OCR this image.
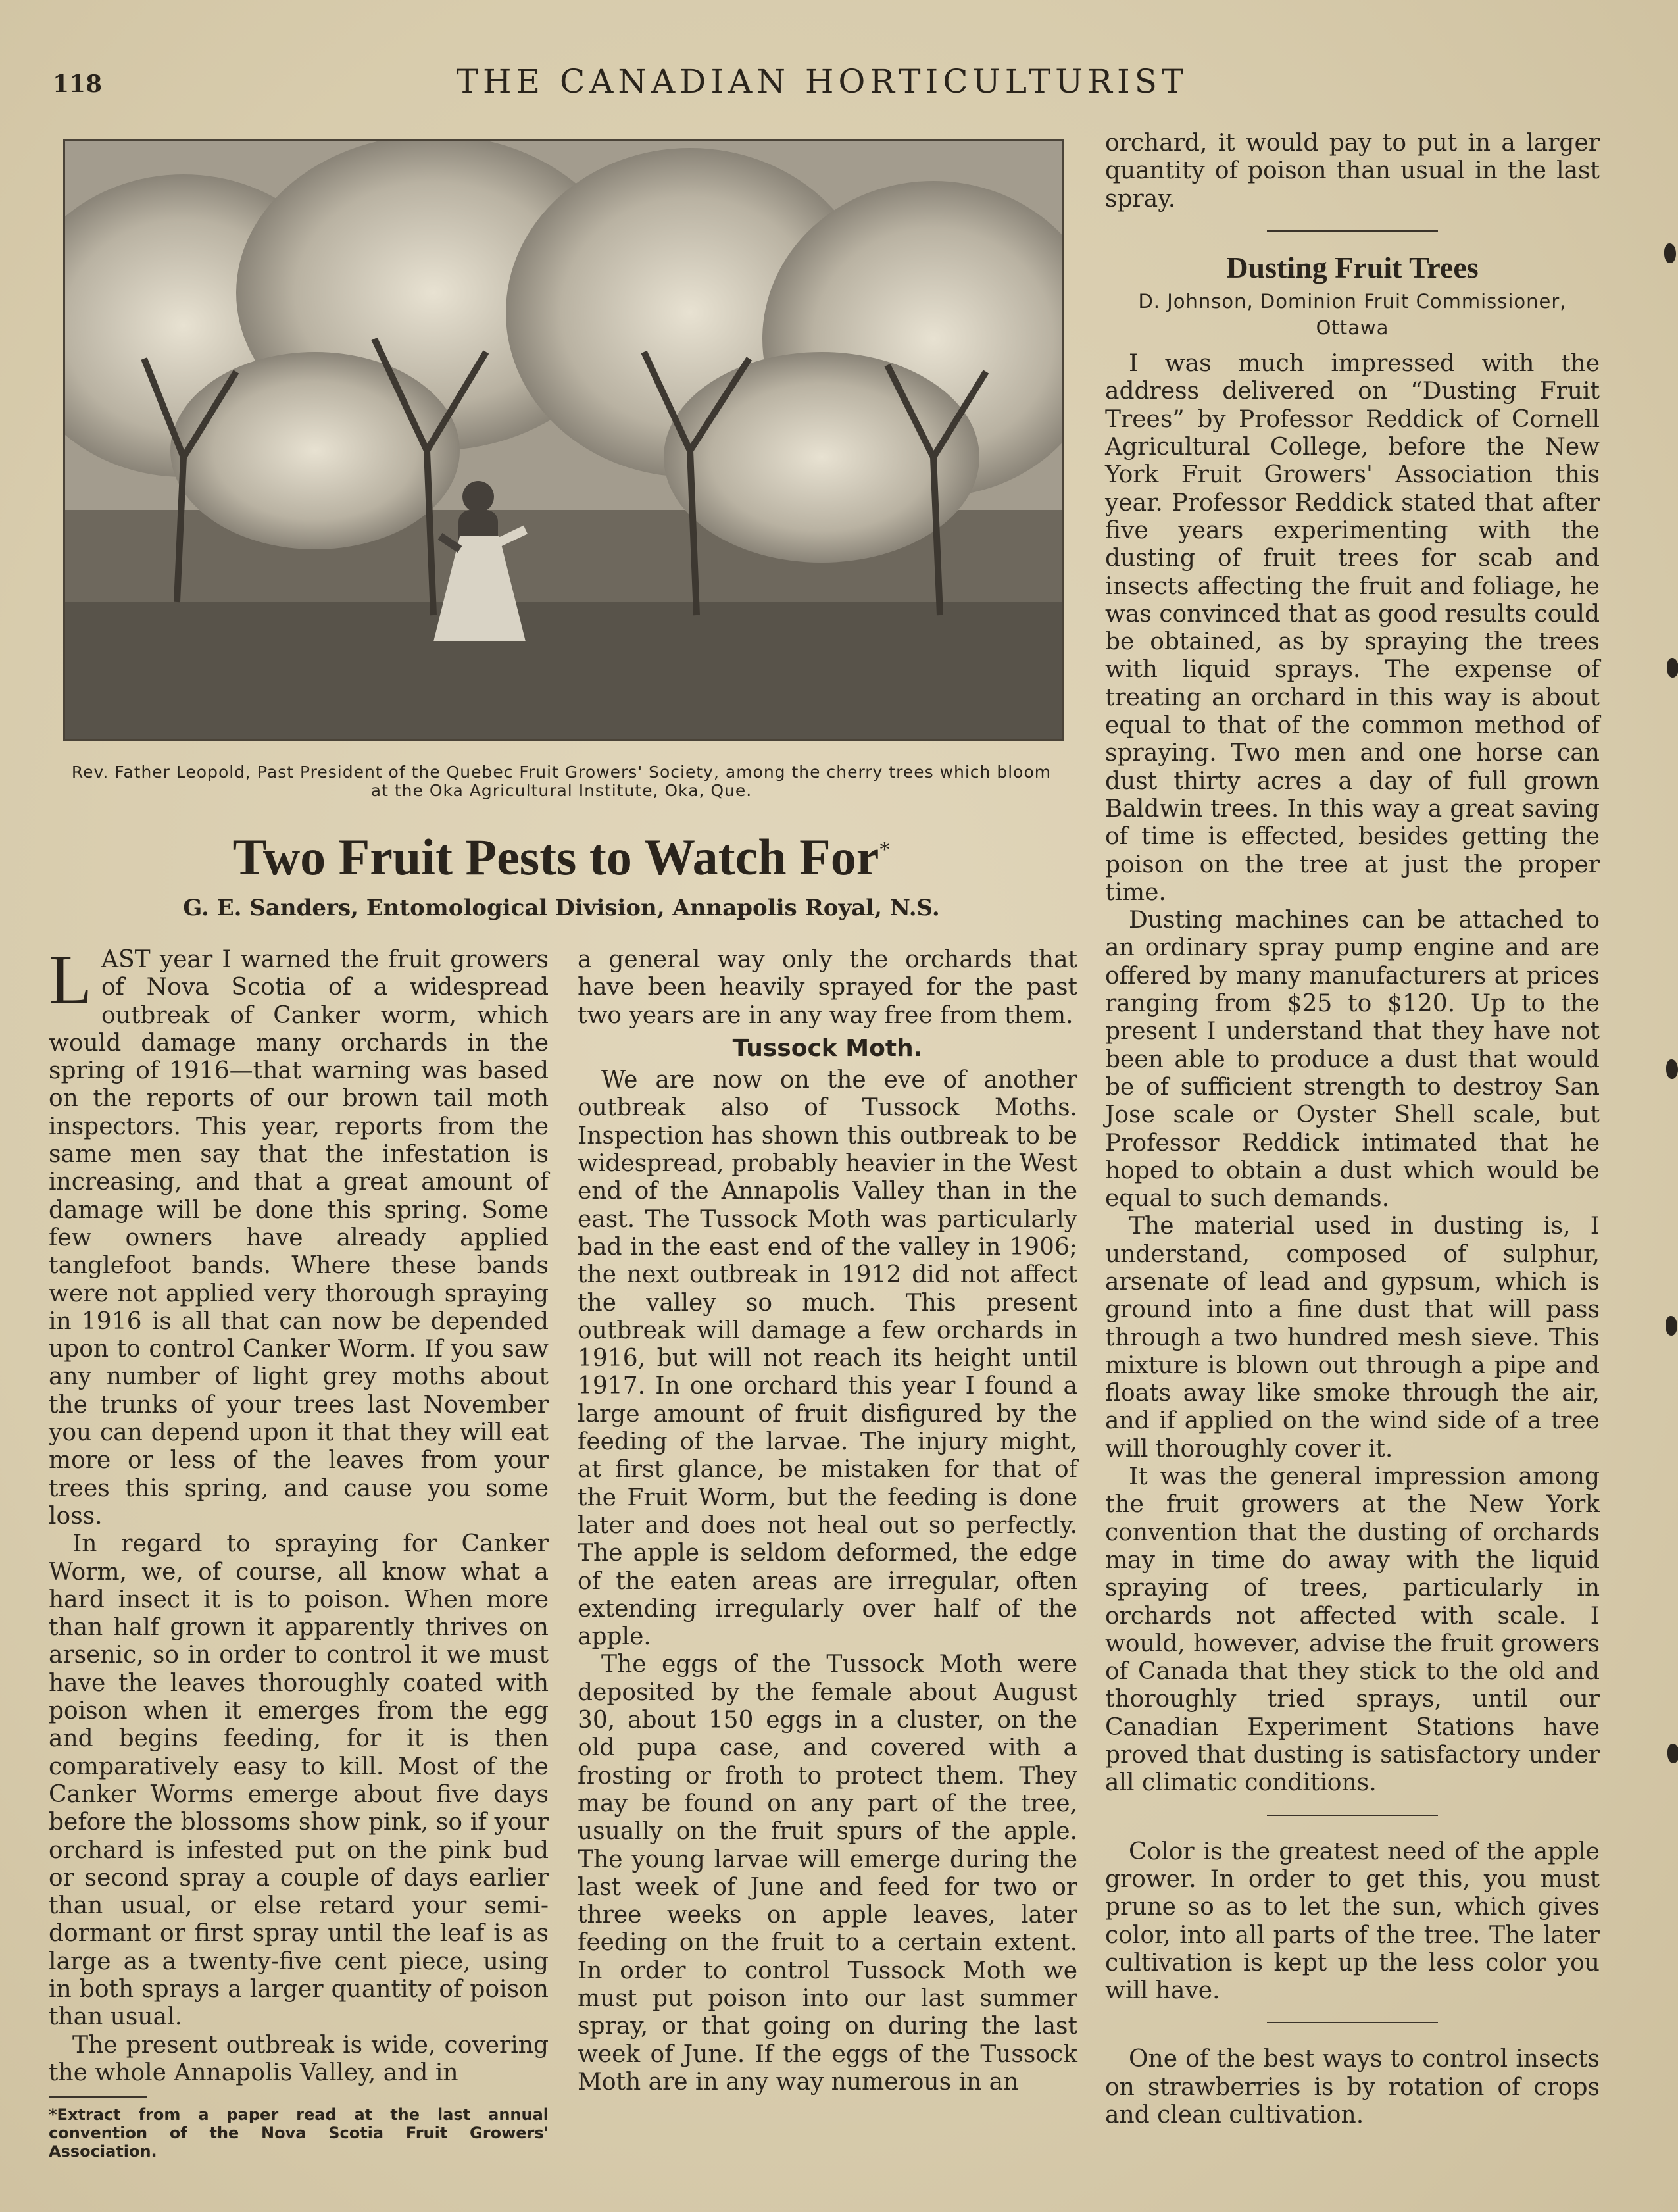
118	THE CANADIAN HORTICULTURIST
Rev. Father Leopold, Past President of the Quebec Fruit Growers' Society, among the cherry trees which bloom at the Oka Agricultural Institute, Oka, Que.
Two Fruit Pests to Watch For*
G. E. Sanders, Entomological Division, Annapolis Royal, N.S.

LAST year I warned the fruit growers of Nova Scotia of a widespread outbreak of Canker worm, which would damage many orchards in the spring of 1916—that warning was based on the reports of our brown tail moth inspectors. This year, reports from the same men say that the infestation is increasing, and that a great amount of damage will be done this spring. Some few owners have already applied tanglefoot bands. Where these bands were not applied very thorough spraying in 1916 is all that can now be depended upon to control Canker Worm. If you saw any number of light grey moths about the trunks of your trees last November you can depend upon it that they will eat more or less of the leaves from your trees this spring, and cause you some loss.

In regard to spraying for Canker Worm, we, of course, all know what a hard insect it is to poison. When more than half grown it apparently thrives on arsenic, so in order to control it we must have the leaves thoroughly coated with poison when it emerges from the egg and begins feeding, for it is then comparatively easy to kill. Most of the Canker Worms emerge about five days before the blossoms show pink, so if your orchard is infested put on the pink bud or second spray a couple of days earlier than usual, or else retard your semi-dormant or first spray until the leaf is as large as a twenty-five cent piece, using in both sprays a larger quantity of poison than usual.

The present outbreak is wide, covering the whole Annapolis Valley, and in

*Extract from a paper read at the last annual convention of the Nova Scotia Fruit Growers' Association.

a general way only the orchards that have been heavily sprayed for the past two years are in any way free from them.

Tussock Moth.

We are now on the eve of another outbreak also of Tussock Moths. Inspection has shown this outbreak to be widespread, probably heavier in the West end of the Annapolis Valley than in the east. The Tussock Moth was particularly bad in the east end of the valley in 1906; the next outbreak in 1912 did not affect the valley so much. This present outbreak will damage a few orchards in 1916, but will not reach its height until 1917. In one orchard this year I found a large amount of fruit disfigured by the feeding of the larvae. The injury might, at first glance, be mistaken for that of the Fruit Worm, but the feeding is done later and does not heal out so perfectly. The apple is seldom deformed, the edge of the eaten areas are irregular, often extending irregularly over half of the apple.

The eggs of the Tussock Moth were deposited by the female about August 30, about 150 eggs in a cluster, on the old pupa case, and covered with a frosting or froth to protect them. They may be found on any part of the tree, usually on the fruit spurs of the apple. The young larvae will emerge during the last week of June and feed for two or three weeks on apple leaves, later feeding on the fruit to a certain extent. In order to control Tussock Moth we must put poison into our last summer spray, or that going on during the last week of June. If the eggs of the Tussock Moth are in any way numerous in an

orchard, it would pay to put in a larger quantity of poison than usual in the last spray.

Dusting Fruit Trees
D. Johnson, Dominion Fruit Commissioner, Ottawa

I was much impressed with the address delivered on “Dusting Fruit Trees” by Professor Reddick of Cornell Agricultural College, before the New York Fruit Growers' Association this year. Professor Reddick stated that after five years experimenting with the dusting of fruit trees for scab and insects affecting the fruit and foliage, he was convinced that as good results could be obtained, as by spraying the trees with liquid sprays. The expense of treating an orchard in this way is about equal to that of the common method of spraying. Two men and one horse can dust thirty acres a day of full grown Baldwin trees. In this way a great saving of time is effected, besides getting the poison on the tree at just the proper time.

Dusting machines can be attached to an ordinary spray pump engine and are offered by many manufacturers at prices ranging from $25 to $120. Up to the present I understand that they have not been able to produce a dust that would be of sufficient strength to destroy San Jose scale or Oyster Shell scale, but Professor Reddick intimated that he hoped to obtain a dust which would be equal to such demands.

The material used in dusting is, I understand, composed of sulphur, arsenate of lead and gypsum, which is ground into a fine dust that will pass through a two hundred mesh sieve. This mixture is blown out through a pipe and floats away like smoke through the air, and if applied on the wind side of a tree will thoroughly cover it.

It was the general impression among the fruit growers at the New York convention that the dusting of orchards may in time do away with the liquid spraying of trees, particularly in orchards not affected with scale. I would, however, advise the fruit growers of Canada that they stick to the old and thoroughly tried sprays, until our Canadian Experiment Stations have proved that dusting is satisfactory under all climatic conditions.

Color is the greatest need of the apple grower. In order to get this, you must prune so as to let the sun, which gives color, into all parts of the tree. The later cultivation is kept up the less color you will have.

One of the best ways to control insects on strawberries is by rotation of crops and clean cultivation.
